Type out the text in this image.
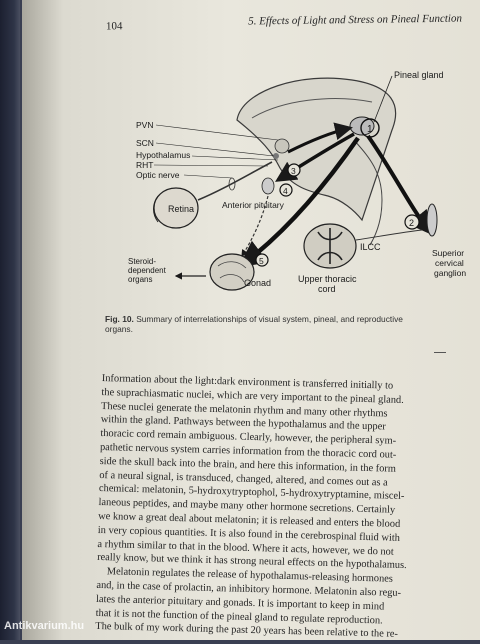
104	5. Effects of Light and Stress on Pineal Function
Pineal gland
PVN
SCN
Hypothalamus
RHT
Optic nerve
Retina	Anterior pituitary
1
2
3
4
5
ILCC
Upper thoracic
cord
Superior
cervical
ganglion
Gonad
Steroid-
dependent
organs
Fig. 10. Summary of interrelationships of visual system, pineal, and reproductive
organs.

Information about the light:dark environment is transferred initially to
the suprachiasmatic nuclei, which are very important to the pineal gland.
These nuclei generate the melatonin rhythm and many other rhythms
within the gland. Pathways between the hypothalamus and the upper
thoracic cord remain ambiguous. Clearly, however, the peripheral sym-
pathetic nervous system carries information from the thoracic cord out-
side the skull back into the brain, and here this information, in the form
of a neural signal, is transduced, changed, altered, and comes out as a
chemical: melatonin, 5-hydroxytryptophol, 5-hydroxytryptamine, miscel-
laneous peptides, and maybe many other hormone secretions. Certainly
we know a great deal about melatonin; it is released and enters the blood
in very copious quantities. It is also found in the cerebrospinal fluid with
a rhythm similar to that in the blood. Where it acts, however, we do not
really know, but we think it has strong neural effects on the hypothalamus.

Melatonin regulates the release of hypothalamus-releasing hormones
and, in the case of prolactin, an inhibitory hormone. Melatonin also regu-
lates the anterior pituitary and gonads. It is important to keep in mind
that it is not the function of the pineal gland to regulate reproduction.
The bulk of my work during the past 20 years has been relative to the re-

Antikvarium.hu
